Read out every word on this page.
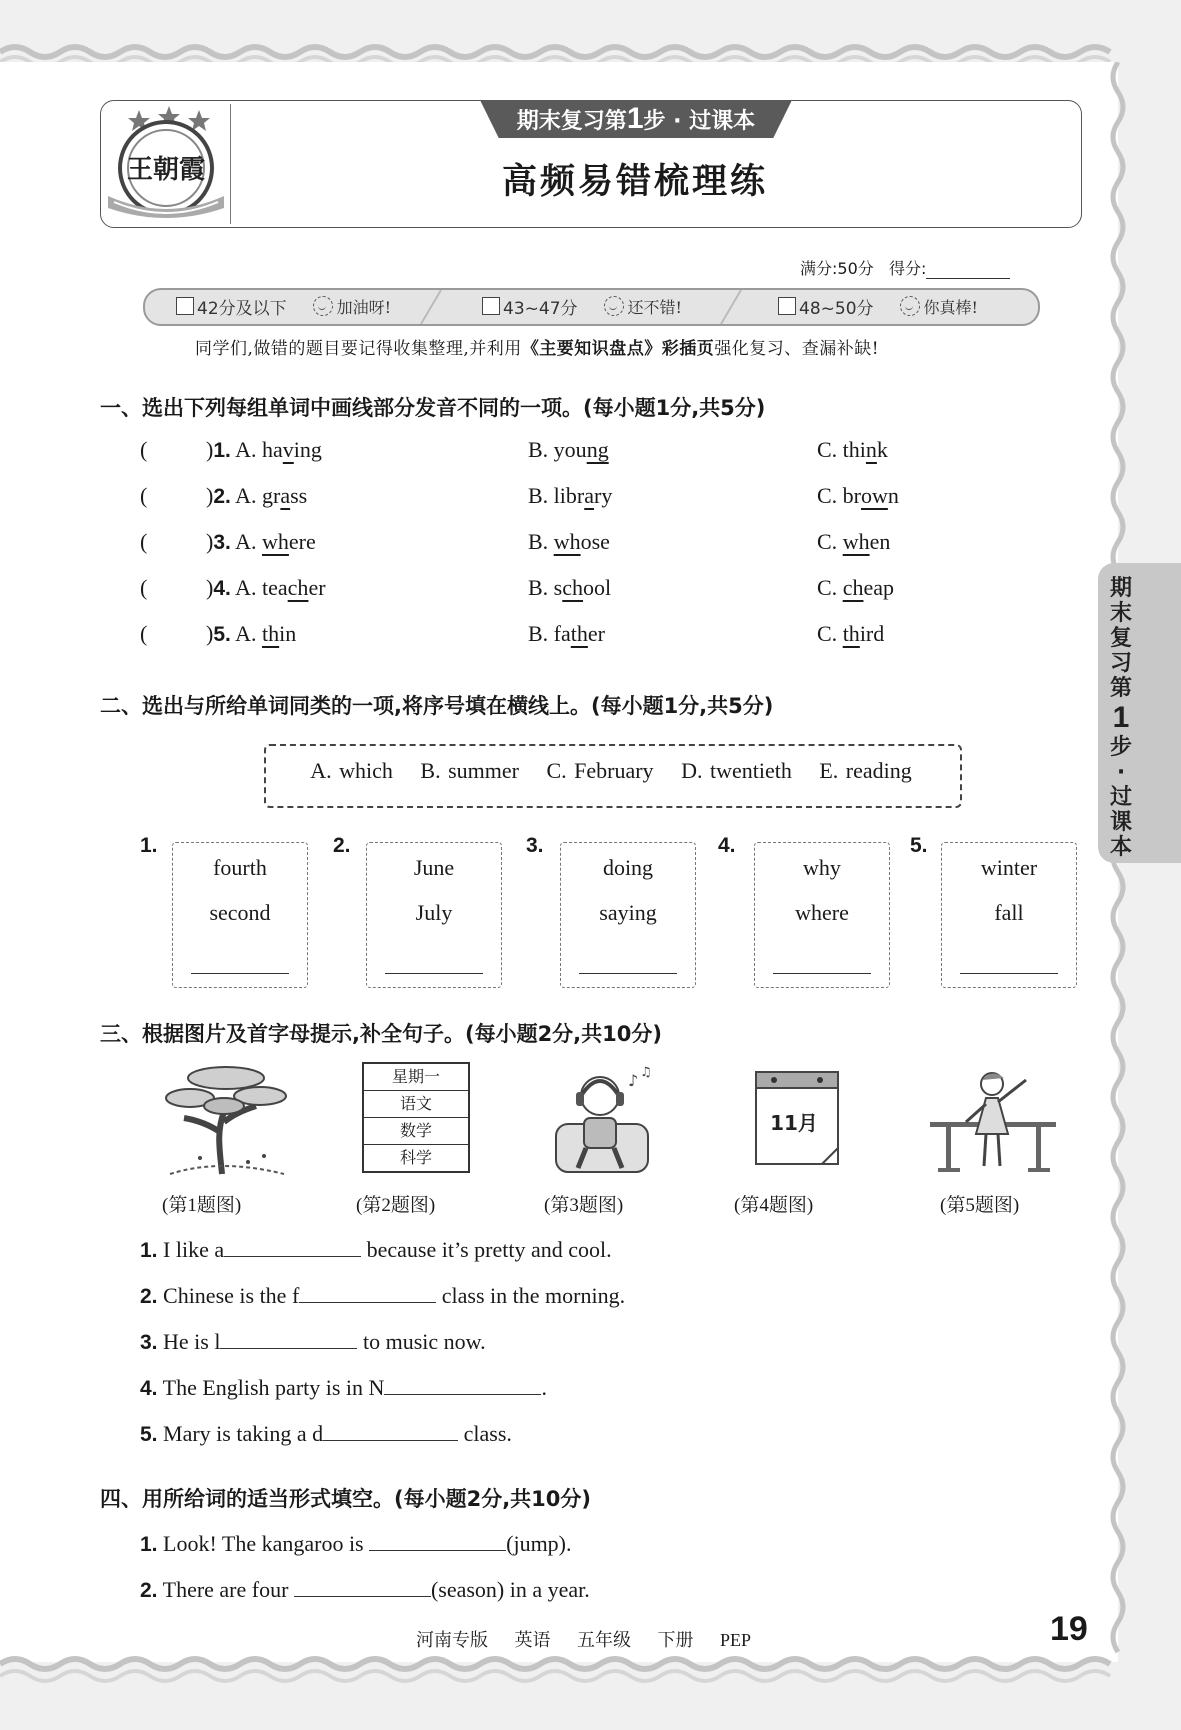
王朝霞
期末复习第1步 · 过课本
高频易错梳理练
满分:50分 得分:
42分及以下	加油呀!	43~47分	还不错!	48~50分	你真棒!
同学们,做错的题目要记得收集整理,并利用《主要知识盘点》彩插页强化复习、查漏补缺!
一、选出下列每组单词中画线部分发音不同的一项。(每小题1分,共5分)
(	)1. A. having	B. young	C. think
(	)2. A. grass	B. library	C. brown
(	)3. A. where	B. whose	C. when
(	)4. A. teacher	B. school	C. cheap
(	)5. A. thin	B. father	C. third
二、选出与所给单词同类的一项,将序号填在横线上。(每小题1分,共5分)
A. which B. summer C. February D. twentieth E. reading
1.
fourth
second
2.
June
July
3.
doing
saying
4.
why
where
5.
winter
fall
三、根据图片及首字母提示,补全句子。(每小题2分,共10分)
星期一
语文
数学
科学
♪ ♫
11月
(第1题图)	(第2题图)	(第3题图)	(第4题图)	(第5题图)
1. I like a	because it’s pretty and cool.
2. Chinese is the f	class in the morning.
3. He is l	to music now.
4. The English party is in N	.
5. Mary is taking a d	class.
四、用所给词的适当形式填空。(每小题2分,共10分)
1. Look! The kangaroo is	(jump).
2. There are four	(season) in a year.
河南专版 英语 五年级 下册 PEP	19
期
末
复
习
第
1
步
·
过
课
本
